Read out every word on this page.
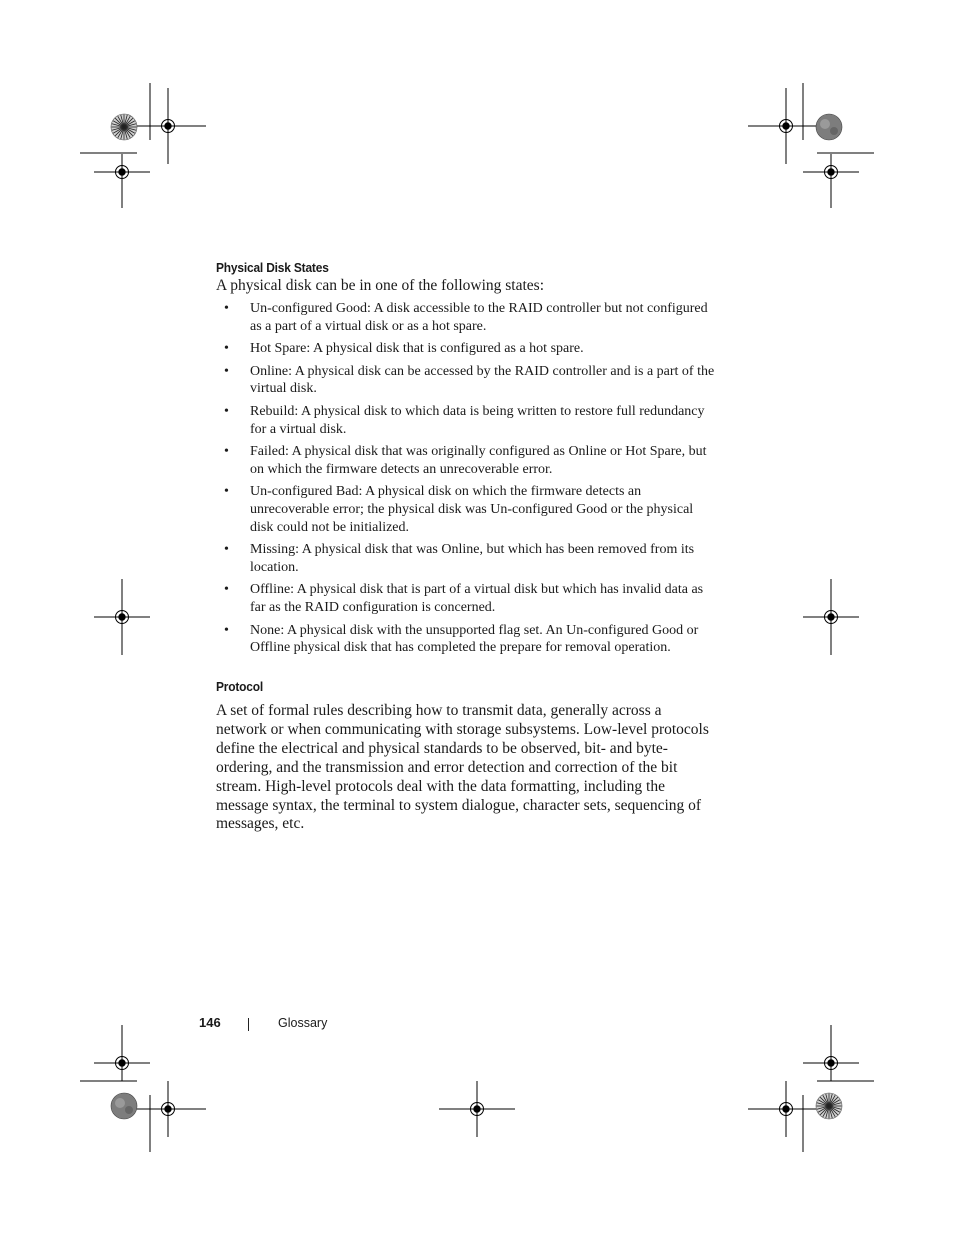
Physical Disk States

A physical disk can be in one of the following states:

• Un-configured Good: A disk accessible to the RAID controller but not configured as a part of a virtual disk or as a hot spare.
• Hot Spare: A physical disk that is configured as a hot spare.
• Online: A physical disk can be accessed by the RAID controller and is a part of the virtual disk.
• Rebuild: A physical disk to which data is being written to restore full redundancy for a virtual disk.
• Failed: A physical disk that was originally configured as Online or Hot Spare, but on which the firmware detects an unrecoverable error.
• Un-configured Bad: A physical disk on which the firmware detects an unrecoverable error; the physical disk was Un-configured Good or the physical disk could not be initialized.
• Missing: A physical disk that was Online, but which has been removed from its location.
• Offline: A physical disk that is part of a virtual disk but which has invalid data as far as the RAID configuration is concerned.
• None: A physical disk with the unsupported flag set. An Un-configured Good or Offline physical disk that has completed the prepare for removal operation.
Protocol

A set of formal rules describing how to transmit data, generally across a network or when communicating with storage subsystems. Low-level protocols define the electrical and physical standards to be observed, bit- and byte-ordering, and the transmission and error detection and correction of the bit stream. High-level protocols deal with the data formatting, including the message syntax, the terminal to system dialogue, character sets, sequencing of messages, etc.

146	Glossary
